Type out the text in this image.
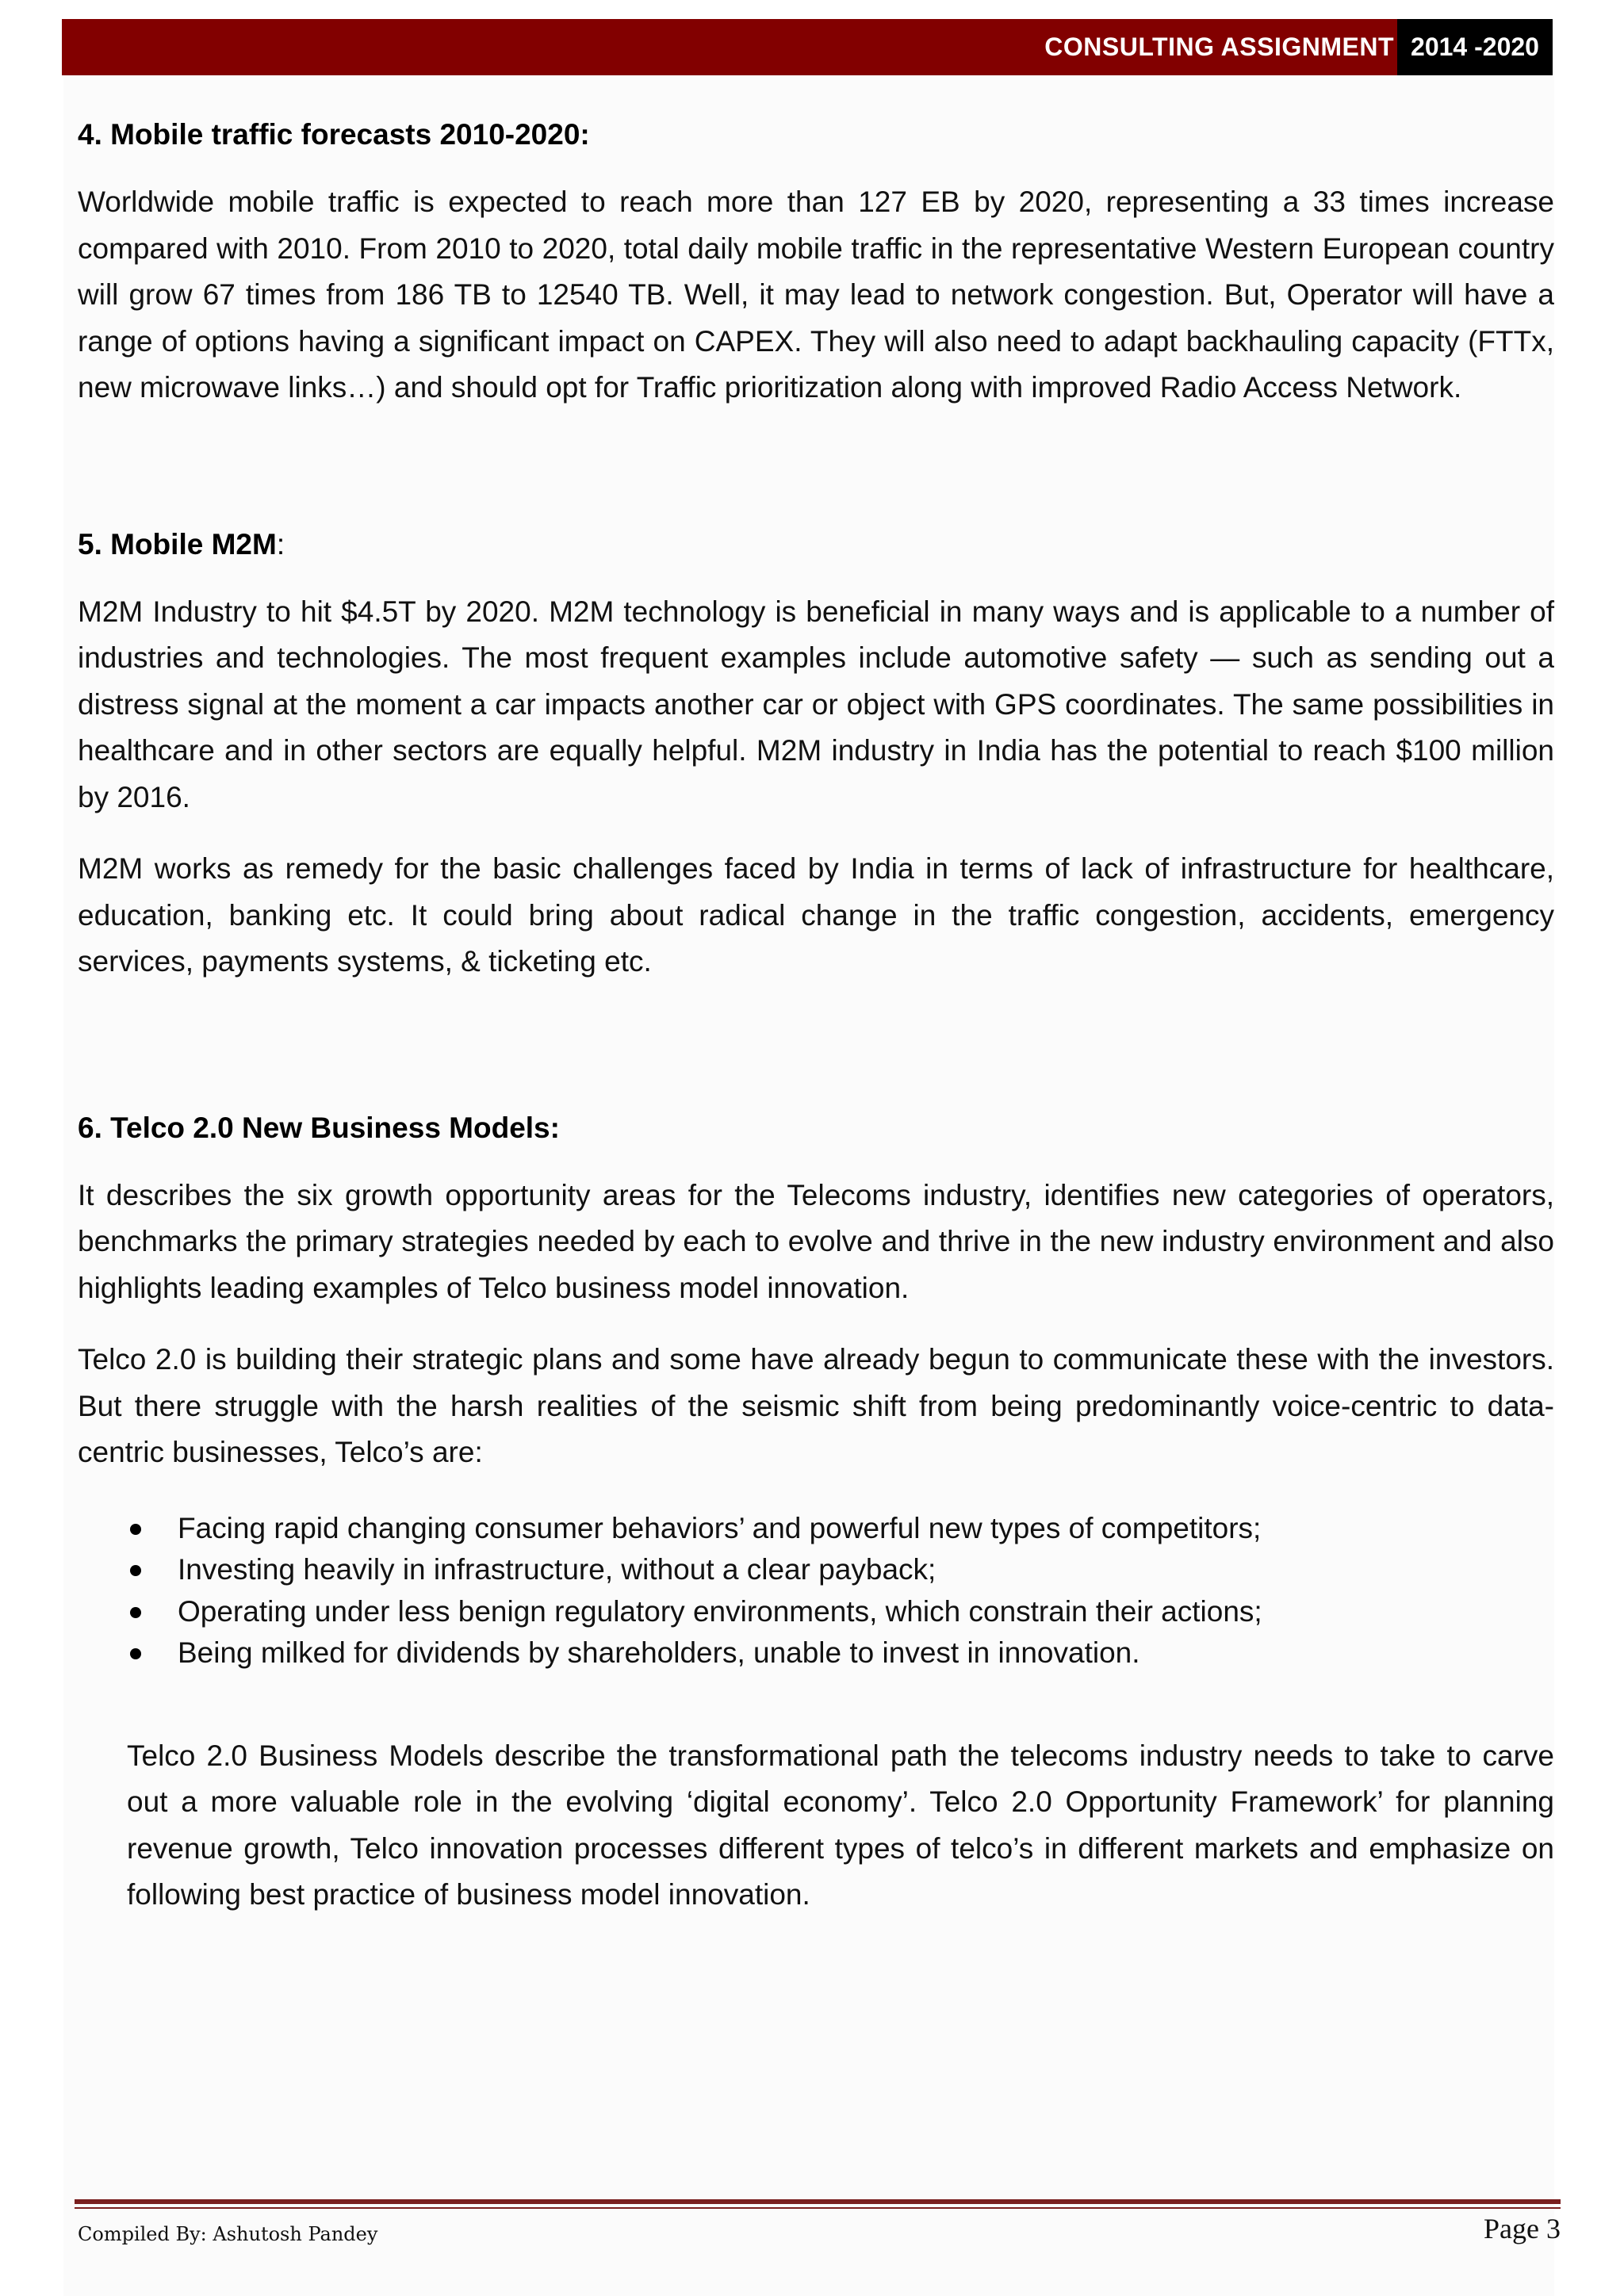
CONSULTING ASSIGNMENT 2014 -2020
4. Mobile traffic forecasts 2010-2020:

Worldwide mobile traffic is expected to reach more than 127 EB by 2020, representing a 33 times increase compared with 2010. From 2010 to 2020, total daily mobile traffic in the representative Western European country will grow 67 times from 186 TB to 12540 TB. Well, it may lead to network congestion. But, Operator will have a range of options having a significant impact on CAPEX. They will also need to adapt backhauling capacity (FTTx, new microwave links…) and should opt for Traffic prioritization along with improved Radio Access Network.

5. Mobile M2M:

M2M Industry to hit $4.5T by 2020. M2M technology is beneficial in many ways and is applicable to a number of industries and technologies. The most frequent examples include automotive safety — such as sending out a distress signal at the moment a car impacts another car or object with GPS coordinates. The same possibilities in healthcare and in other sectors are equally helpful. M2M industry in India has the potential to reach $100 million by 2016.

M2M works as remedy for the basic challenges faced by India in terms of lack of infrastructure for healthcare, education, banking etc. It could bring about radical change in the traffic congestion, accidents, emergency services, payments systems, & ticketing etc.

6. Telco 2.0 New Business Models:

It describes the six growth opportunity areas for the Telecoms industry, identifies new categories of operators, benchmarks the primary strategies needed by each to evolve and thrive in the new industry environment and also highlights leading examples of Telco business model innovation.

Telco 2.0 is building their strategic plans and some have already begun to communicate these with the investors. But there struggle with the harsh realities of the seismic shift from being predominantly voice-centric to data-centric businesses, Telco’s are:

Facing rapid changing consumer behaviors’ and powerful new types of competitors;
Investing heavily in infrastructure, without a clear payback;
Operating under less benign regulatory environments, which constrain their actions;
Being milked for dividends by shareholders, unable to invest in innovation.

Telco 2.0 Business Models describe the transformational path the telecoms industry needs to take to carve out a more valuable role in the evolving ‘digital economy’. Telco 2.0 Opportunity Framework’ for planning revenue growth, Telco innovation processes different types of telco’s in different markets and emphasize on following best practice of business model innovation.

Compiled By: Ashutosh Pandey	Page 3
